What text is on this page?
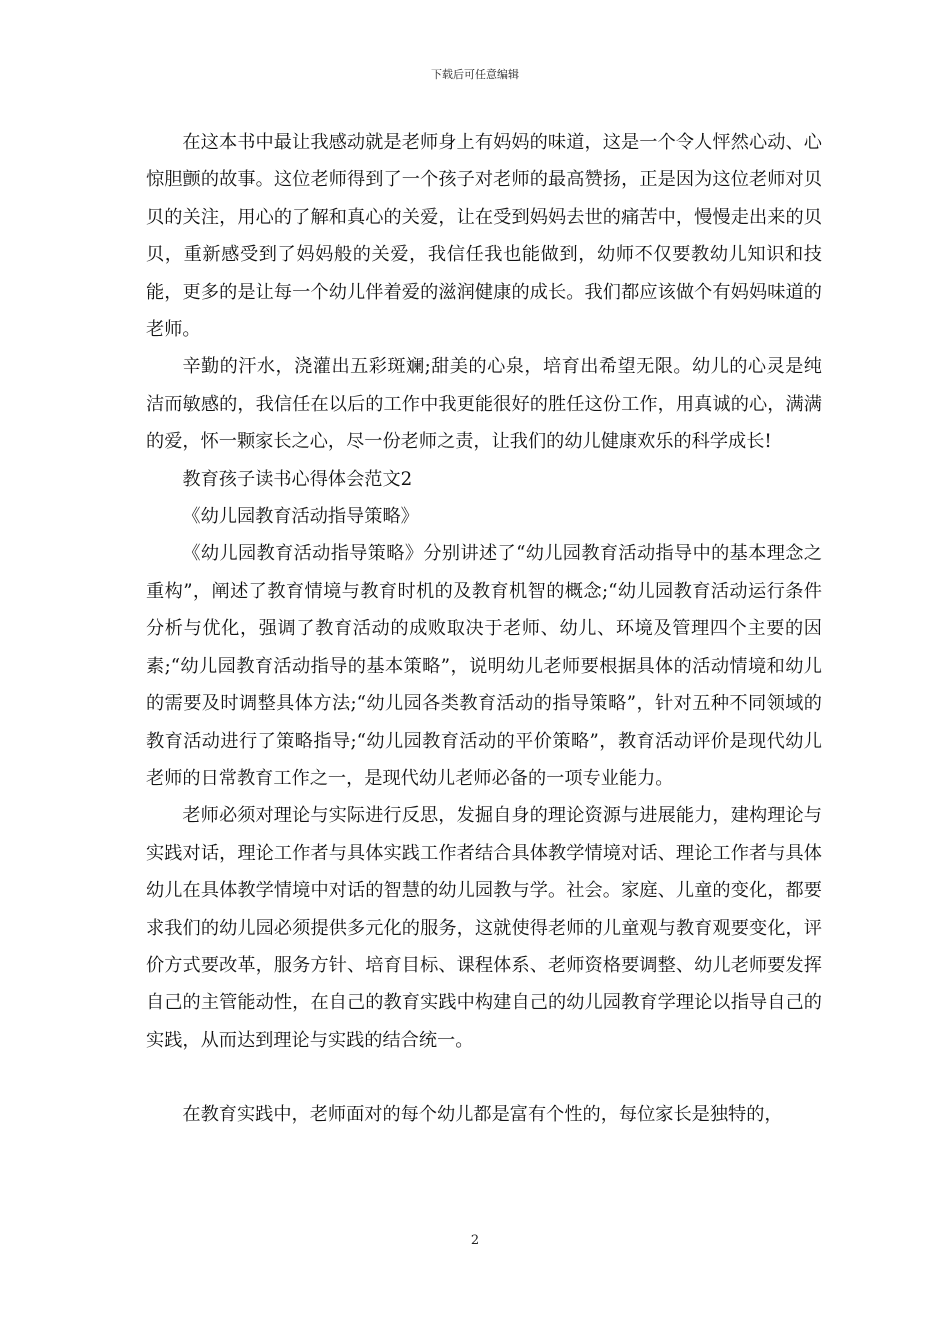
下载后可任意编辑

在这本书中最让我感动就是老师身上有妈妈的味道，这是一个令人怦然心动、心惊胆颤的故事。这位老师得到了一个孩子对老师的最高赞扬，正是因为这位老师对贝贝的关注，用心的了解和真心的关爱，让在受到妈妈去世的痛苦中，慢慢走出来的贝贝，重新感受到了妈妈般的关爱，我信任我也能做到，幼师不仅要教幼儿知识和技能，更多的是让每一个幼儿伴着爱的滋润健康的成长。我们都应该做个有妈妈味道的老师。

辛勤的汗水，浇灌出五彩斑斓;甜美的心泉，培育出希望无限。幼儿的心灵是纯洁而敏感的，我信任在以后的工作中我更能很好的胜任这份工作，用真诚的心，满满的爱，怀一颗家长之心，尽一份老师之责，让我们的幼儿健康欢乐的科学成长!

教育孩子读书心得体会范文2

《幼儿园教育活动指导策略》

《幼儿园教育活动指导策略》分别讲述了“幼儿园教育活动指导中的基本理念之重构”，阐述了教育情境与教育时机的及教育机智的概念;“幼儿园教育活动运行条件分析与优化，强调了教育活动的成败取决于老师、幼儿、环境及管理四个主要的因素;“幼儿园教育活动指导的基本策略”，说明幼儿老师要根据具体的活动情境和幼儿的需要及时调整具体方法;“幼儿园各类教育活动的指导策略”，针对五种不同领域的教育活动进行了策略指导;“幼儿园教育活动的平价策略”，教育活动评价是现代幼儿老师的日常教育工作之一，是现代幼儿老师必备的一项专业能力。

老师必须对理论与实际进行反思，发掘自身的理论资源与进展能力，建构理论与实践对话，理论工作者与具体实践工作者结合具体教学情境对话、理论工作者与具体幼儿在具体教学情境中对话的智慧的幼儿园教与学。社会。家庭、儿童的变化，都要求我们的幼儿园必须提供多元化的服务，这就使得老师的儿童观与教育观要变化，评价方式要改革，服务方针、培育目标、课程体系、老师资格要调整、幼儿老师要发挥自己的主管能动性，在自己的教育实践中构建自己的幼儿园教育学理论以指导自己的实践，从而达到理论与实践的结合统一。

在教育实践中，老师面对的每个幼儿都是富有个性的，每位家长是独特的，

2
